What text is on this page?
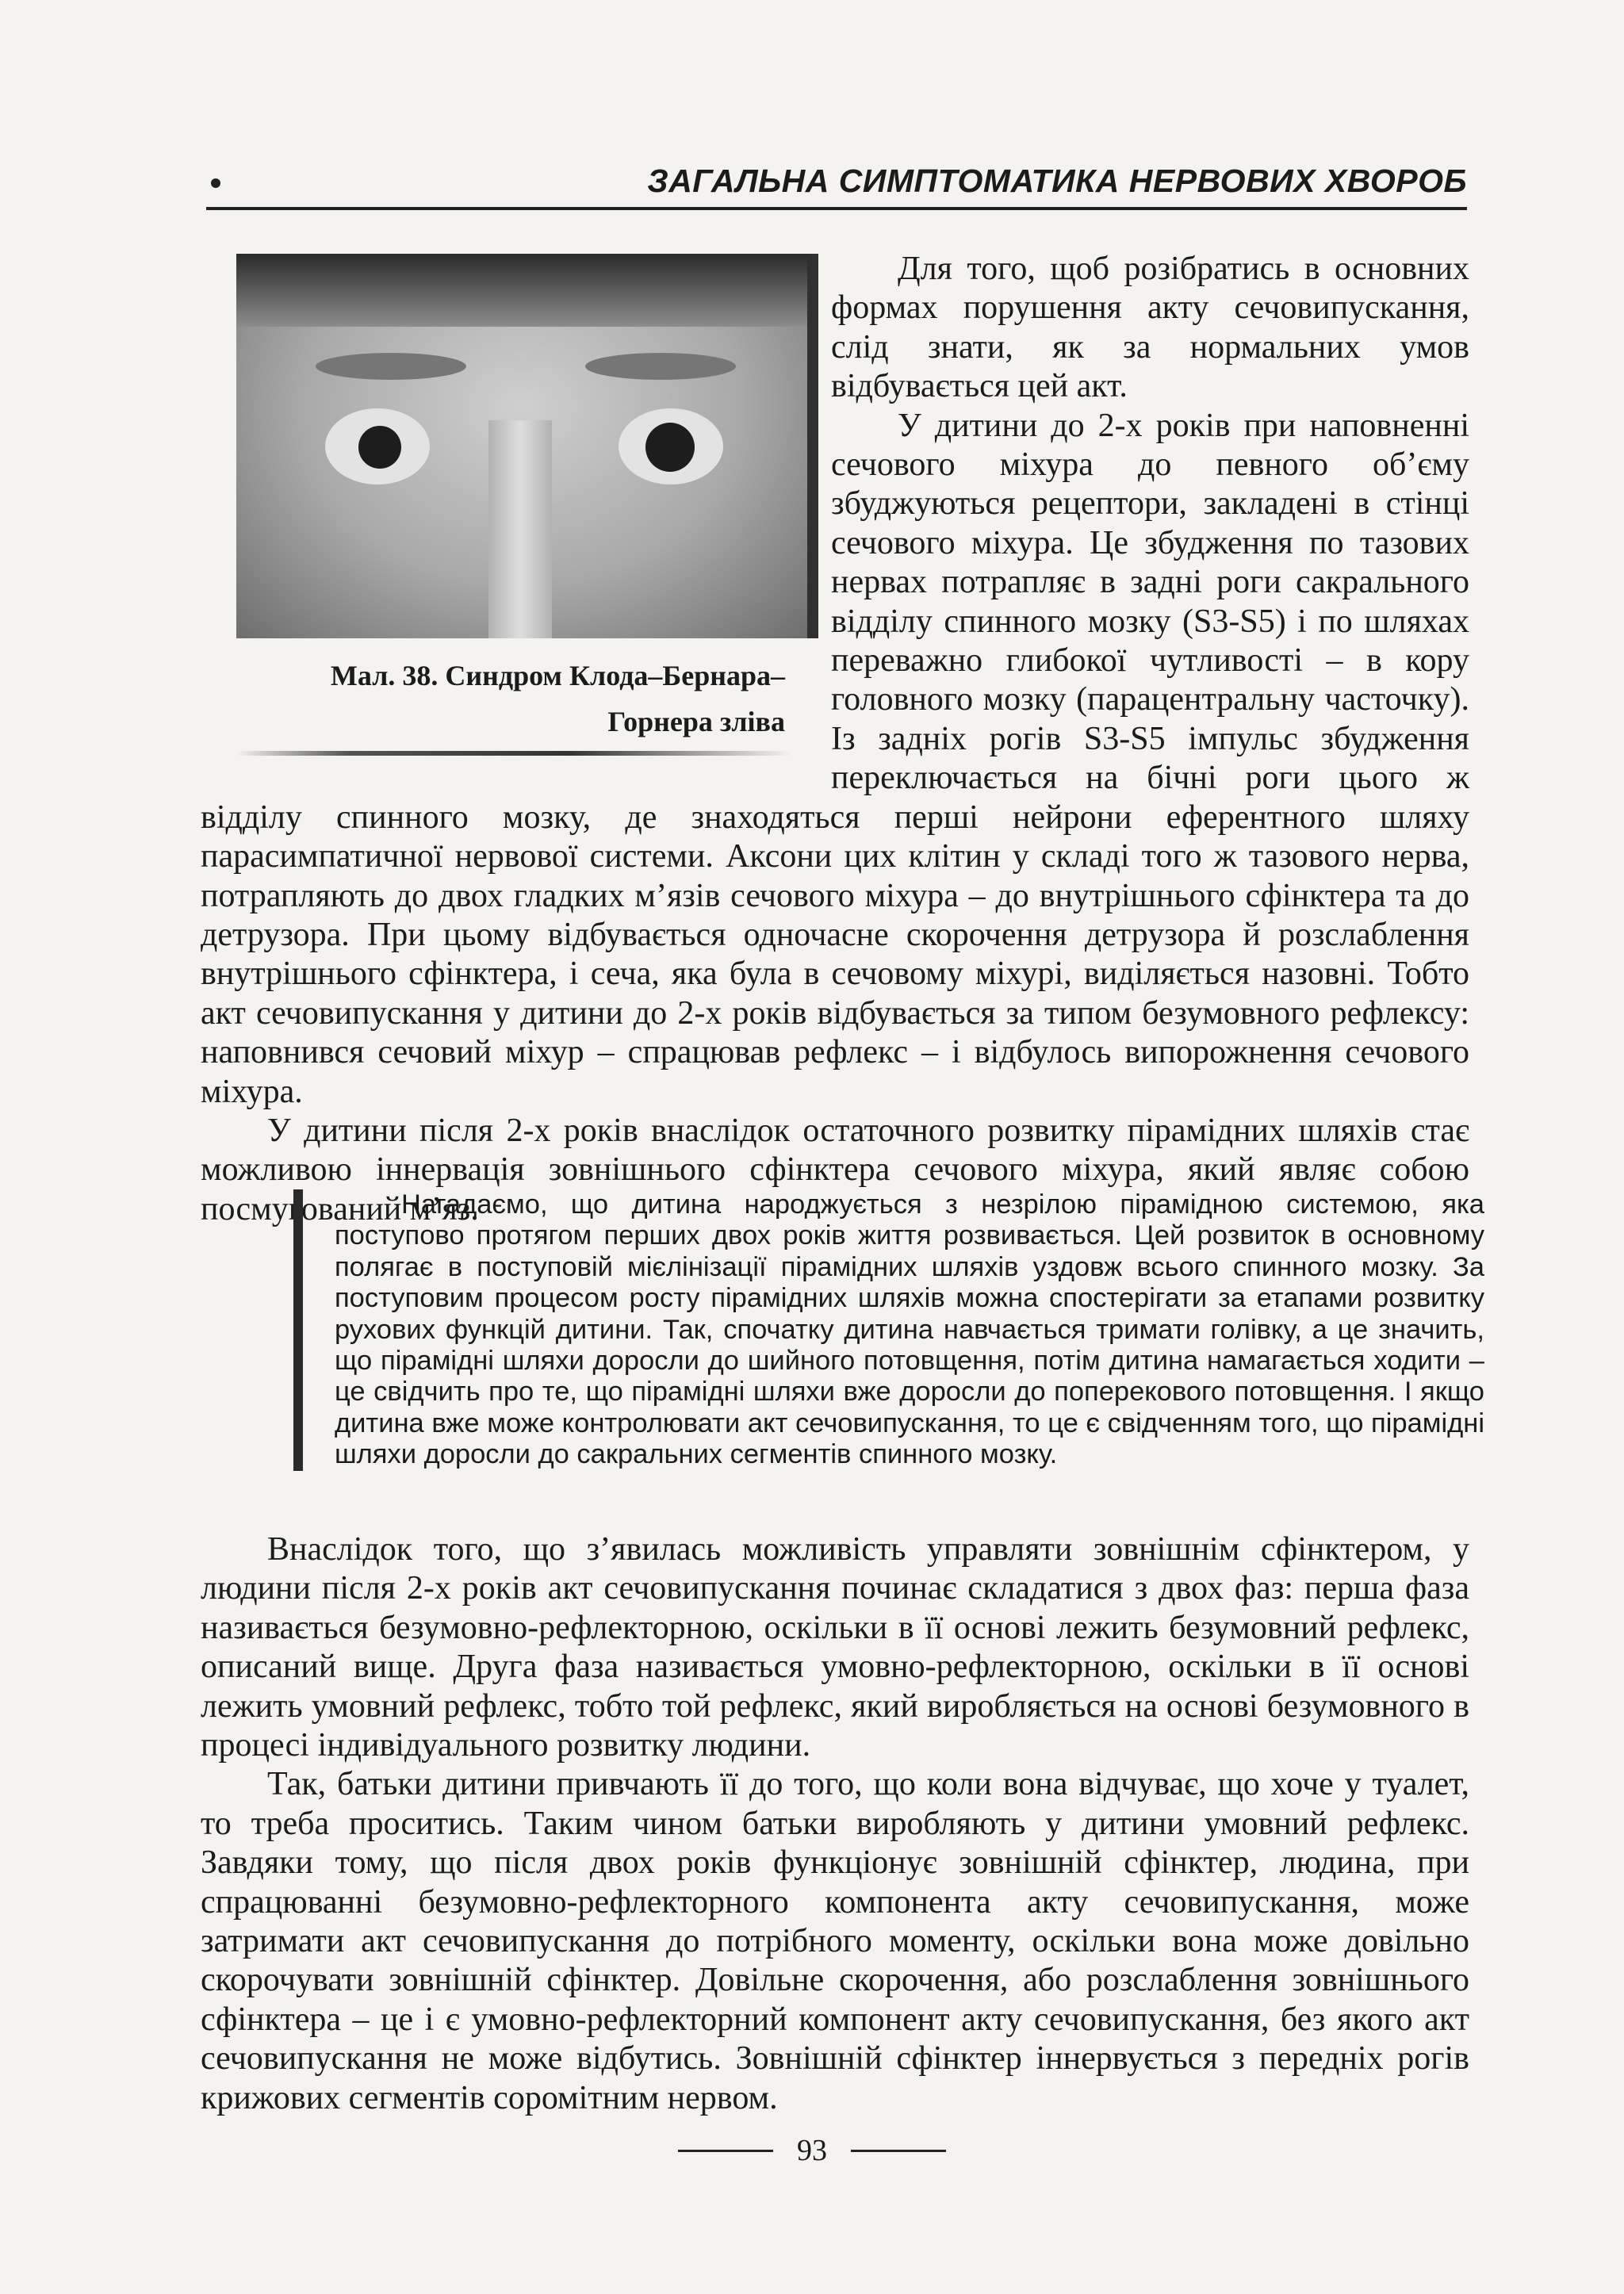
ЗАГАЛЬНА СИМПТОМАТИКА НЕРВОВИХ ХВОРОБ
Мал. 38. Синдром Клода–Бернара–
Горнера зліва

Для того, щоб розібратись в основних формах порушення акту сечовипускання, слід знати, як за нормальних умов відбувається цей акт.

У дитини до 2-х років при наповненні сечового міхура до певного об’єму збуджуються рецептори, закладені в стінці сечового міхура. Це збудження по тазових нервах потрапляє в задні роги сакрального відділу спинного мозку (S3-S5) і по шляхах переважно глибокої чутливості – в кору головного мозку (парацентральну часточку). Із задніх рогів S3-S5 імпульс збудження переключається на бічні роги цього ж відділу спинного мозку, де знаходяться перші нейрони еферентного шляху парасимпатичної нервової системи. Аксони цих клітин у складі того ж тазового нерва, потрапляють до двох гладких м’язів сечового міхура – до внутрішнього сфінктера та до детрузора. При цьому відбувається одночасне скорочення детрузора й розслаблення внутрішнього сфінктера, і сеча, яка була в сечовому міхурі, виділяється назовні. Тобто акт сечовипускання у дитини до 2-х років відбувається за типом безумовного рефлексу: наповнився сечовий міхур – спрацював рефлекс – і відбулось випорожнення сечового міхура.

У дитини після 2-х років внаслідок остаточного розвитку пірамідних шляхів стає можливою іннервація зовнішнього сфінктера сечового міхура, який являє собою посмугований м’яз.

Нагадаємо, що дитина народжується з незрілою пірамідною системою, яка поступово протягом перших двох років життя розвивається. Цей розвиток в основному полягає в поступовій мієлінізації пірамідних шляхів уздовж всього спинного мозку. За поступовим процесом росту пірамідних шляхів можна спостерігати за етапами розвитку рухових функцій дитини. Так, спочатку дитина навчається тримати голівку, а це значить, що пірамідні шляхи доросли до шийного потовщення, потім дитина намагається ходити – це свідчить про те, що пірамідні шляхи вже доросли до поперекового потовщення. І якщо дитина вже може контролювати акт сечовипускання, то це є свідченням того, що пірамідні шляхи доросли до сакральних сегментів спинного мозку.

Внаслідок того, що з’явилась можливість управляти зовнішнім сфінктером, у людини після 2-х років акт сечовипускання починає складатися з двох фаз: перша фаза називається безумовно-рефлекторною, оскільки в її основі лежить безумовний рефлекс, описаний вище. Друга фаза називається умовно-рефлекторною, оскільки в її основі лежить умовний рефлекс, тобто той рефлекс, який виробляється на основі безумовного в процесі індивідуального розвитку людини.

Так, батьки дитини привчають її до того, що коли вона відчуває, що хоче у туалет, то треба проситись. Таким чином батьки виробляють у дитини умовний рефлекс. Завдяки тому, що після двох років функціонує зовнішній сфінктер, людина, при спрацюванні безумовно-рефлекторного компонента акту сечовипускання, може затримати акт сечовипускання до потрібного моменту, оскільки вона може довільно скорочувати зовнішній сфінктер. Довільне скорочення, або розслаблення зовнішнього сфінктера – це і є умовно-рефлекторний компонент акту сечовипускання, без якого акт сечовипускання не може відбутись. Зовнішній сфінктер іннервується з передніх рогів крижових сегментів соромітним нервом.

93
